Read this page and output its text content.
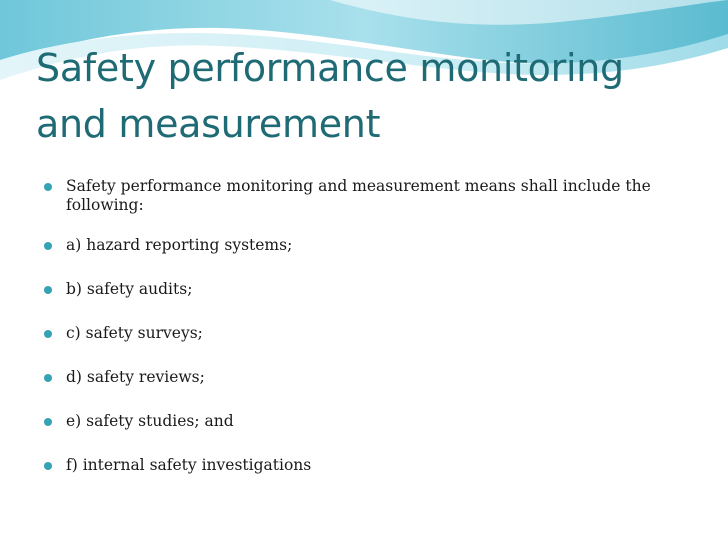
Safety performance monitoring
and measurement
Safety performance monitoring and measurement means shall include the following:
a) hazard reporting systems;
b) safety audits;
c) safety surveys;
d) safety reviews;
e) safety studies; and
f) internal safety investigations
